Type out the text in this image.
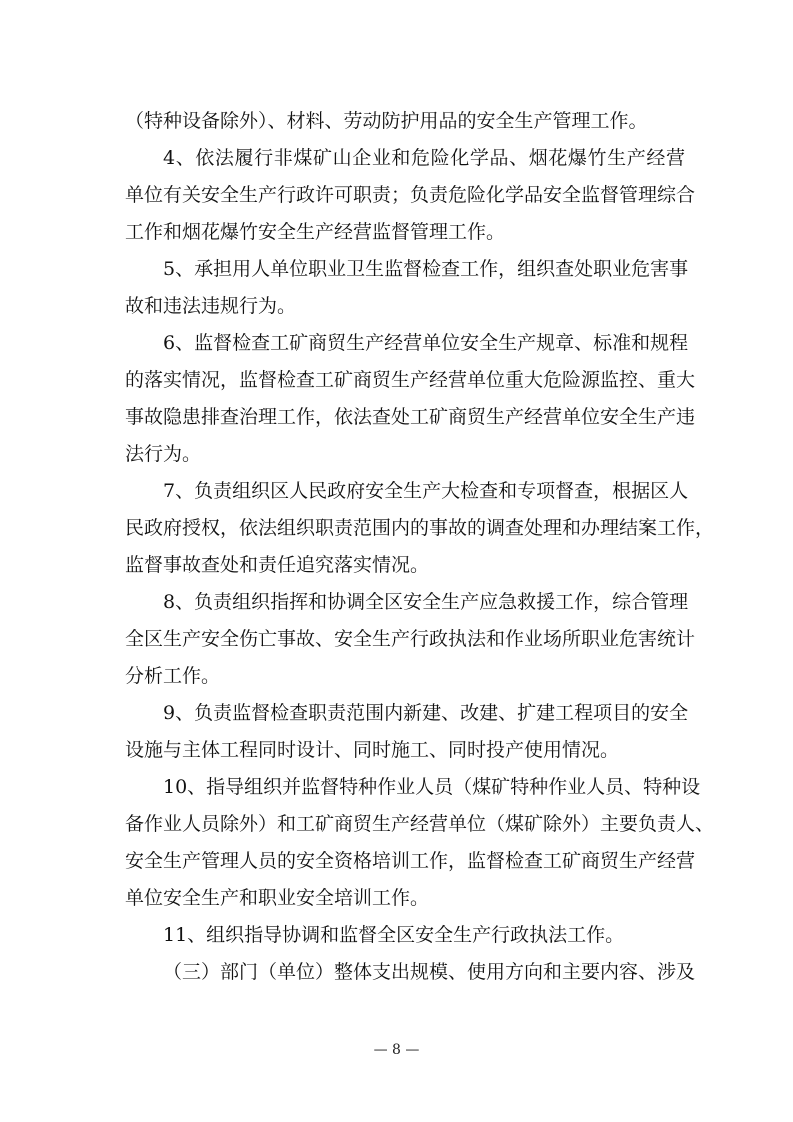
（特种设备除外）、材料、劳动防护用品的安全生产管理工作。
4、依法履行非煤矿山企业和危险化学品、烟花爆竹生产经营
单位有关安全生产行政许可职责；负责危险化学品安全监督管理综合
工作和烟花爆竹安全生产经营监督管理工作。
5、承担用人单位职业卫生监督检查工作，组织查处职业危害事
故和违法违规行为。
6、监督检查工矿商贸生产经营单位安全生产规章、标准和规程
的落实情况，监督检查工矿商贸生产经营单位重大危险源监控、重大
事故隐患排查治理工作，依法查处工矿商贸生产经营单位安全生产违
法行为。
7、负责组织区人民政府安全生产大检查和专项督查，根据区人
民政府授权，依法组织职责范围内的事故的调查处理和办理结案工作，
监督事故查处和责任追究落实情况。
8、负责组织指挥和协调全区安全生产应急救援工作，综合管理
全区生产安全伤亡事故、安全生产行政执法和作业场所职业危害统计
分析工作。
9、负责监督检查职责范围内新建、改建、扩建工程项目的安全
设施与主体工程同时设计、同时施工、同时投产使用情况。
10、指导组织并监督特种作业人员（煤矿特种作业人员、特种设
备作业人员除外）和工矿商贸生产经营单位（煤矿除外）主要负责人、
安全生产管理人员的安全资格培训工作，监督检查工矿商贸生产经营
单位安全生产和职业安全培训工作。
11、组织指导协调和监督全区安全生产行政执法工作。
（三）部门（单位）整体支出规模、使用方向和主要内容、涉及
— 8 —
